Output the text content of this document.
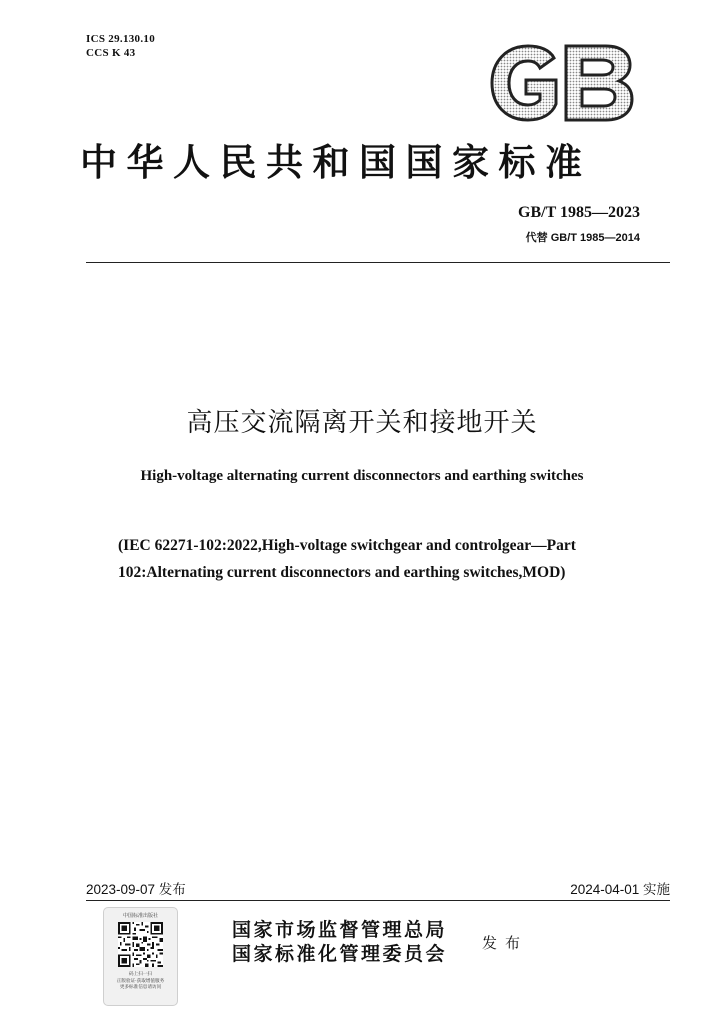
ICS 29.130.10
CCS K 43
中华人民共和国国家标准
GB/T 1985—2023
代替 GB/T 1985—2014
高压交流隔离开关和接地开关
High-voltage alternating current disconnectors and earthing switches
(IEC 62271-102:2022,High-voltage switchgear and controlgear—Part
102:Alternating current disconnectors and earthing switches,MOD)
2023-09-07 发布	2024-04-01 实施
中国标准出版社
码上扫一扫
正版验证·获取增值服务
更多标准信息请访问
国家市场监督管理总局
国家标准化管理委员会 发布
